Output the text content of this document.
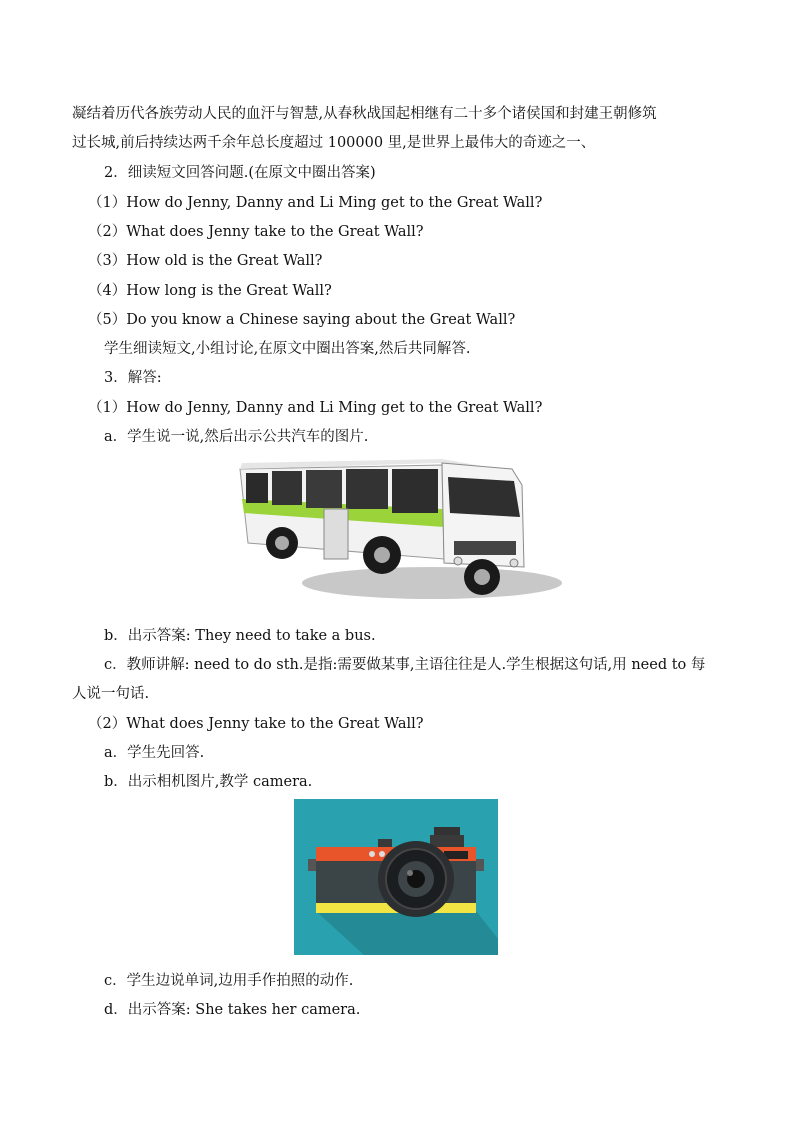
凝结着历代各族劳动人民的血汗与智慧,从春秋战国起相继有二十多个诸侯国和封建王朝修筑
过长城,前后持续达两千余年总长度超过 100000 里,是世界上最伟大的奇迹之一、
2．细读短文回答问题.(在原文中圈出答案)
（1）How do Jenny, Danny and Li Ming get to the Great Wall?
（2）What does Jenny take to the Great Wall?
（3）How old is the Great Wall?
（4）How long is the Great Wall?
（5）Do you know a Chinese saying about the Great Wall?
学生细读短文,小组讨论,在原文中圈出答案,然后共同解答.
3．解答:
（1）How do Jenny, Danny and Li Ming get to the Great Wall?
a．学生说一说,然后出示公共汽车的图片.
b．出示答案: They need to take a bus.
c．教师讲解: need to do sth.是指:需要做某事,主语往往是人.学生根据这句话,用 need to 每
人说一句话.
（2）What does Jenny take to the Great Wall?
a．学生先回答.
b．出示相机图片,教学 camera.
c．学生边说单词,边用手作拍照的动作.
d．出示答案: She takes her camera.
